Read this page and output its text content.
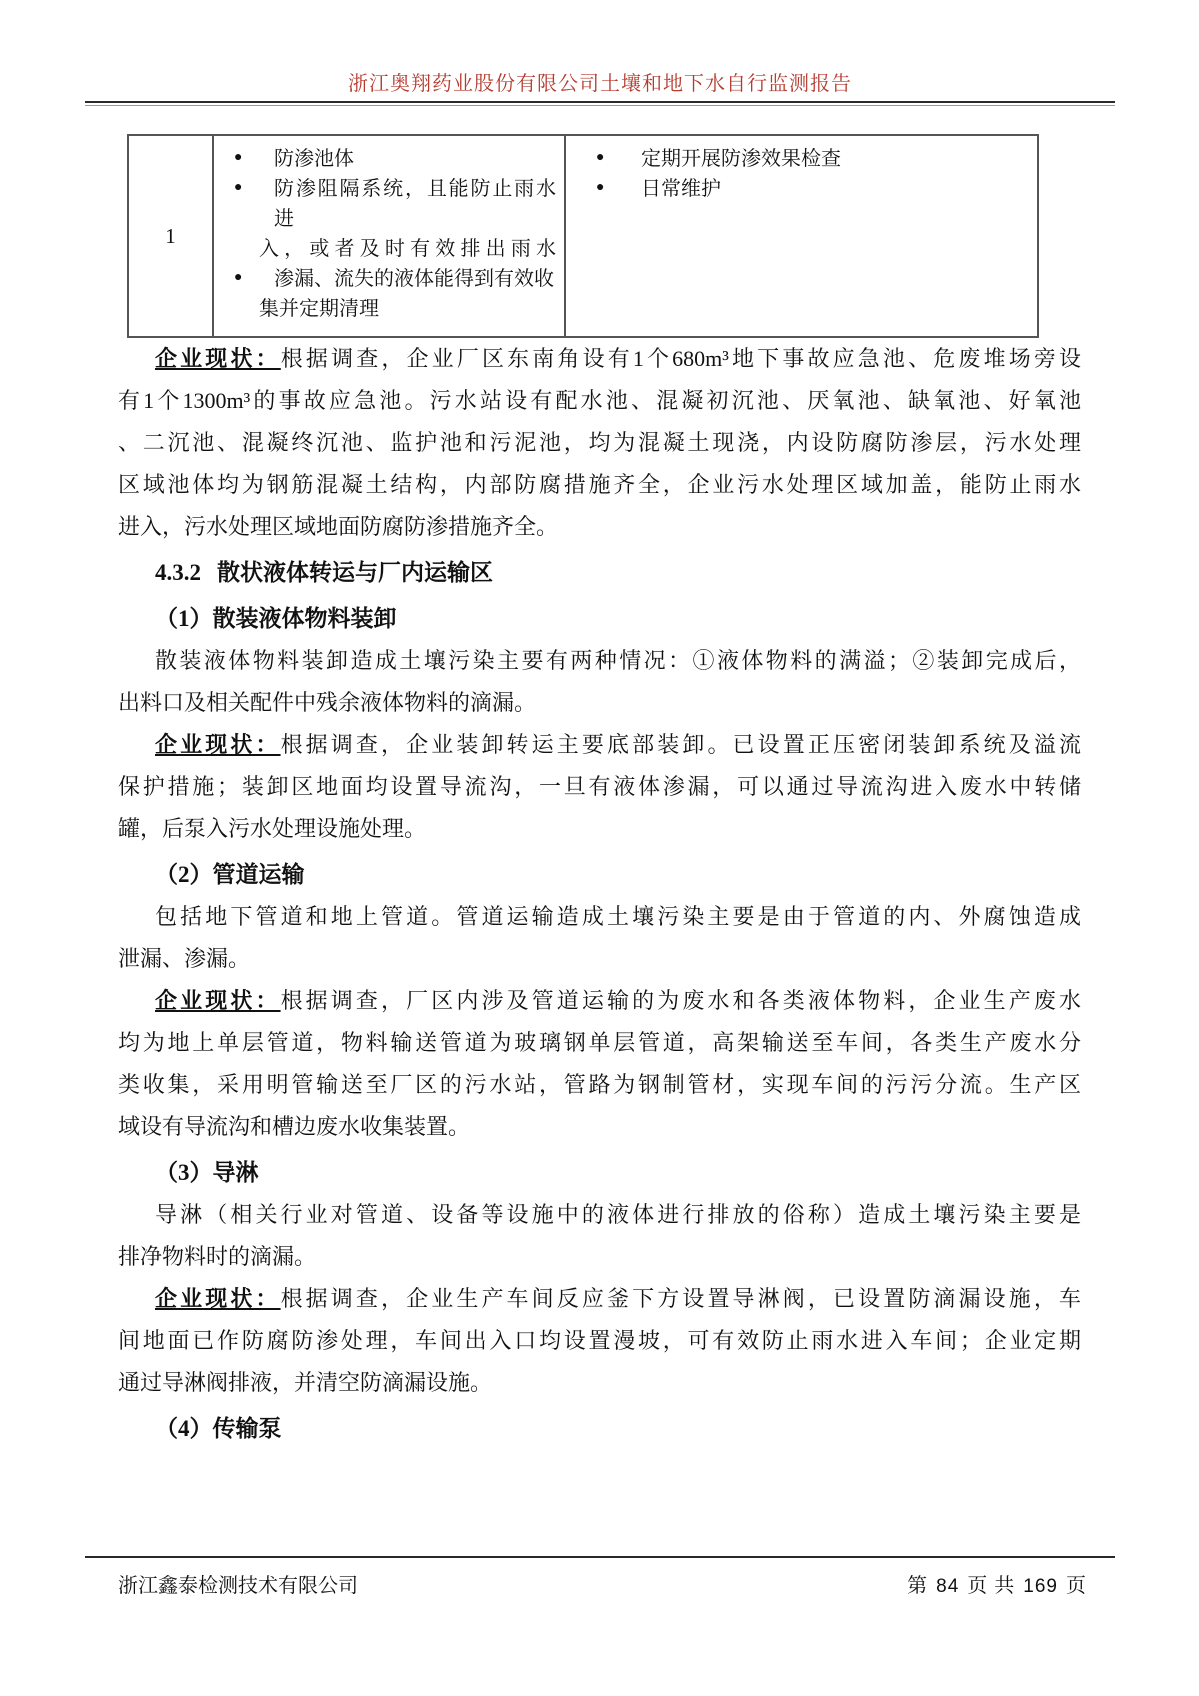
浙江奥翔药业股份有限公司土壤和地下水自行监测报告
1
● 防渗池体
● 防渗阻隔系统，且能防止雨水 进
入，或者及时有效排出雨水
● 渗漏、流失的液体能得到有效收
集并定期清理
● 定期开展防渗效果检查
● 日常维护
企业现状：根据调查，企业厂区东南角设有1个680m³地下事故应急池、危废堆场旁设
有1个1300m³的事故应急池。污水站设有配水池、混凝初沉池、厌氧池、缺氧池、好氧池
、二沉池、混凝终沉池、监护池和污泥池，均为混凝土现浇，内设防腐防渗层，污水处理
区域池体均为钢筋混凝土结构，内部防腐措施齐全，企业污水处理区域加盖，能防止雨水
进入，污水处理区域地面防腐防渗措施齐全。
4.3.2 散状液体转运与厂内运输区
（1）散装液体物料装卸
散装液体物料装卸造成土壤污染主要有两种情况：①液体物料的满溢；②装卸完成后，
出料口及相关配件中残余液体物料的滴漏。
企业现状：根据调查，企业装卸转运主要底部装卸。已设置正压密闭装卸系统及溢流
保护措施；装卸区地面均设置导流沟，一旦有液体渗漏，可以通过导流沟进入废水中转储
罐，后泵入污水处理设施处理。
（2）管道运输
包括地下管道和地上管道。管道运输造成土壤污染主要是由于管道的内、外腐蚀造成
泄漏、渗漏。
企业现状：根据调查，厂区内涉及管道运输的为废水和各类液体物料，企业生产废水
均为地上单层管道，物料输送管道为玻璃钢单层管道，高架输送至车间，各类生产废水分
类收集，采用明管输送至厂区的污水站，管路为钢制管材，实现车间的污污分流。生产区
域设有导流沟和槽边废水收集装置。
（3）导淋
导淋（相关行业对管道、设备等设施中的液体进行排放的俗称）造成土壤污染主要是
排净物料时的滴漏。
企业现状：根据调查，企业生产车间反应釜下方设置导淋阀，已设置防滴漏设施，车
间地面已作防腐防渗处理，车间出入口均设置漫坡，可有效防止雨水进入车间；企业定期
通过导淋阀排液，并清空防滴漏设施。
（4）传输泵
浙江鑫泰检测技术有限公司	第 84 页 共 169 页
